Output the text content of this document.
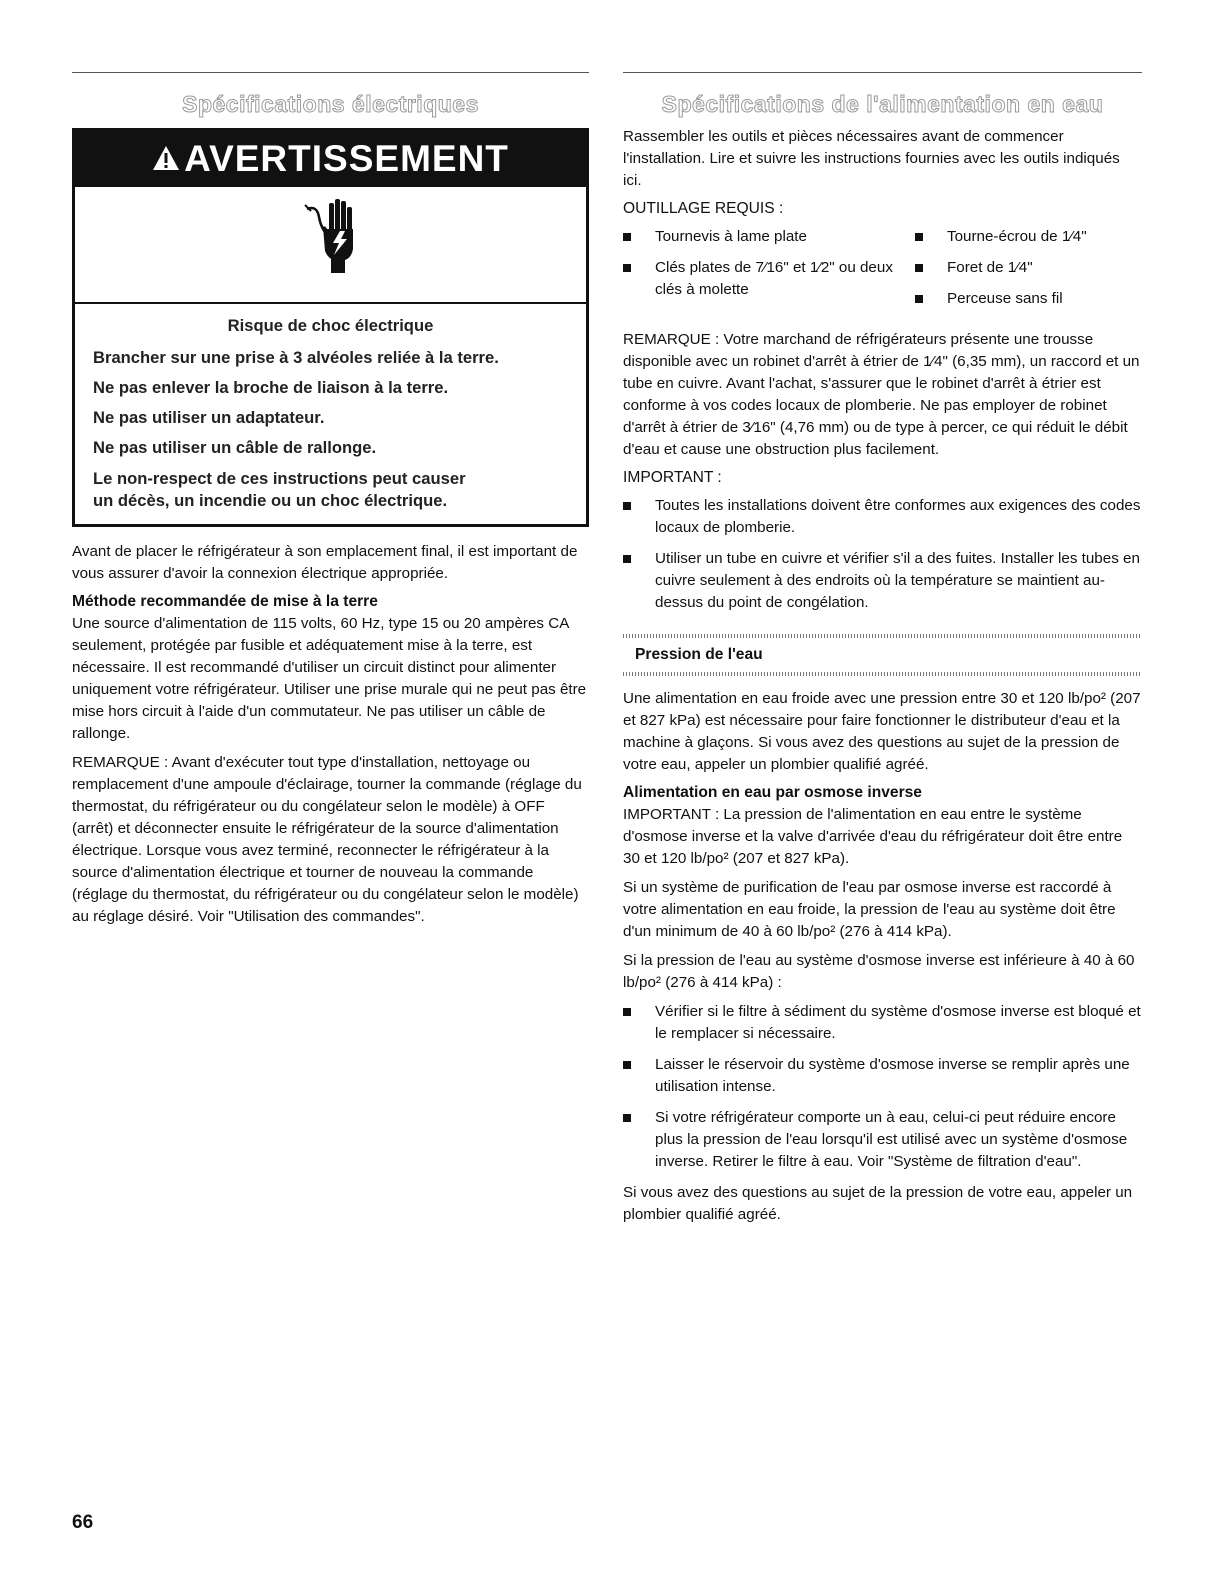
Spécifications électriques
AVERTISSEMENT

Risque de choc électrique

Brancher sur une prise à 3 alvéoles reliée à la terre.

Ne pas enlever la broche de liaison à la terre.

Ne pas utiliser un adaptateur.

Ne pas utiliser un câble de rallonge.

Le non-respect de ces instructions peut causer
un décès, un incendie ou un choc électrique.

Avant de placer le réfrigérateur à son emplacement final, il est important de vous assurer d'avoir la connexion électrique appropriée.

Méthode recommandée de mise à la terre

Une source d'alimentation de 115 volts, 60 Hz, type 15 ou 20 ampères CA seulement, protégée par fusible et adéquatement mise à la terre, est nécessaire. Il est recommandé d'utiliser un circuit distinct pour alimenter uniquement votre réfrigérateur. Utiliser une prise murale qui ne peut pas être mise hors circuit à l'aide d'un commutateur. Ne pas utiliser un câble de rallonge.

REMARQUE : Avant d'exécuter tout type d'installation, nettoyage ou remplacement d'une ampoule d'éclairage, tourner la commande (réglage du thermostat, du réfrigérateur ou du congélateur selon le modèle) à OFF (arrêt) et déconnecter ensuite le réfrigérateur de la source d'alimentation électrique. Lorsque vous avez terminé, reconnecter le réfrigérateur à la source d'alimentation électrique et tourner de nouveau la commande (réglage du thermostat, du réfrigérateur ou du congélateur selon le modèle) au réglage désiré. Voir "Utilisation des commandes".

Spécifications de l'alimentation en eau

Rassembler les outils et pièces nécessaires avant de commencer l'installation. Lire et suivre les instructions fournies avec les outils indiqués ici.

OUTILLAGE REQUIS :
Tournevis à lame plate
Clés plates de 7⁄16" et 1⁄2" ou deux clés à molette
Tourne-écrou de 1⁄4"
Foret de 1⁄4"
Perceuse sans fil

REMARQUE : Votre marchand de réfrigérateurs présente une trousse disponible avec un robinet d'arrêt à étrier de 1⁄4" (6,35 mm), un raccord et un tube en cuivre. Avant l'achat, s'assurer que le robinet d'arrêt à étrier est conforme à vos codes locaux de plomberie. Ne pas employer de robinet d'arrêt à étrier de 3⁄16" (4,76 mm) ou de type à percer, ce qui réduit le débit d'eau et cause une obstruction plus facilement.

IMPORTANT :
Toutes les installations doivent être conformes aux exigences des codes locaux de plomberie.
Utiliser un tube en cuivre et vérifier s'il a des fuites. Installer les tubes en cuivre seulement à des endroits où la température se maintient au-dessus du point de congélation.
Pression de l'eau

Une alimentation en eau froide avec une pression entre 30 et 120 lb/po² (207 et 827 kPa) est nécessaire pour faire fonctionner le distributeur d'eau et la machine à glaçons. Si vous avez des questions au sujet de la pression de votre eau, appeler un plombier qualifié agréé.

Alimentation en eau par osmose inverse

IMPORTANT : La pression de l'alimentation en eau entre le système d'osmose inverse et la valve d'arrivée d'eau du réfrigérateur doit être entre 30 et 120 lb/po² (207 et 827 kPa).

Si un système de purification de l'eau par osmose inverse est raccordé à votre alimentation en eau froide, la pression de l'eau au système doit être d'un minimum de 40 à 60 lb/po² (276 à 414 kPa).

Si la pression de l'eau au système d'osmose inverse est inférieure à 40 à 60 lb/po² (276 à 414 kPa) :

Vérifier si le filtre à sédiment du système d'osmose inverse est bloqué et le remplacer si nécessaire.
Laisser le réservoir du système d'osmose inverse se remplir après une utilisation intense.
Si votre réfrigérateur comporte un à eau, celui-ci peut réduire encore plus la pression de l'eau lorsqu'il est utilisé avec un système d'osmose inverse. Retirer le filtre à eau. Voir "Système de filtration d'eau".

Si vous avez des questions au sujet de la pression de votre eau, appeler un plombier qualifié agréé.

66
